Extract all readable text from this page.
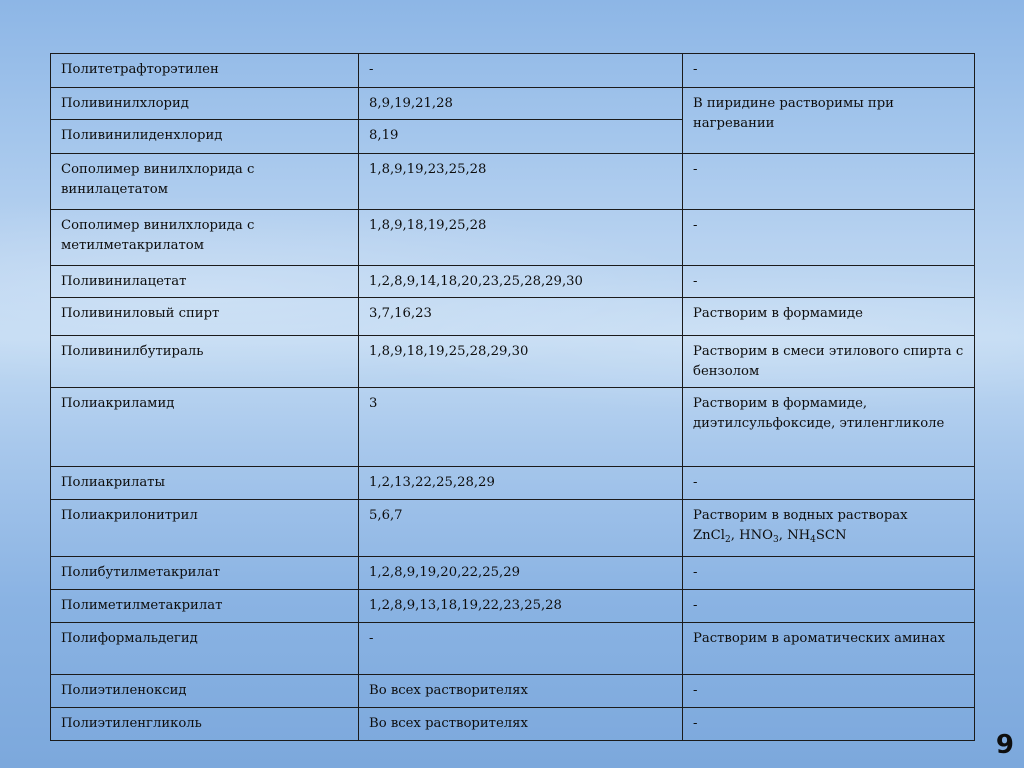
Политетрафторэтилен	-	-
Поливинилхлорид	8,9,19,21,28	В пиридине растворимы при нагревании
Поливинилиденхлорид	8,19	
Сополимер винилхлорида с винилацетатом	1,8,9,19,23,25,28	-
Сополимер винилхлорида с метилметакрилатом	1,8,9,18,19,25,28	-
Поливинилацетат	1,2,8,9,14,18,20,23,25,28,29,30	-
Поливиниловый спирт	3,7,16,23	Растворим в формамиде
Поливинилбутираль	1,8,9,18,19,25,28,29,30	Растворим в смеси этилового спирта с бензолом
Полиакриламид	3	Растворим в формамиде, диэтилсульфоксиде, этиленгликоле
Полиакрилаты	1,2,13,22,25,28,29	-
Полиакрилонитрил	5,6,7	Растворим в водных растворах
ZnCl$_2$, $HNO_3$, $NH_4SCN$
Полибутилметакрилат	1,2,8,9,19,20,22,25,29	-
Полиметилметакрилат	1,2,8,9,13,18,19,22,23,25,28	-
Полиформальдегид	-	Растворим в ароматических аминах
Полиэтиленоксид	Во всех растворителях	-
Полиэтиленгликоль	Во всех растворителях	-
9
